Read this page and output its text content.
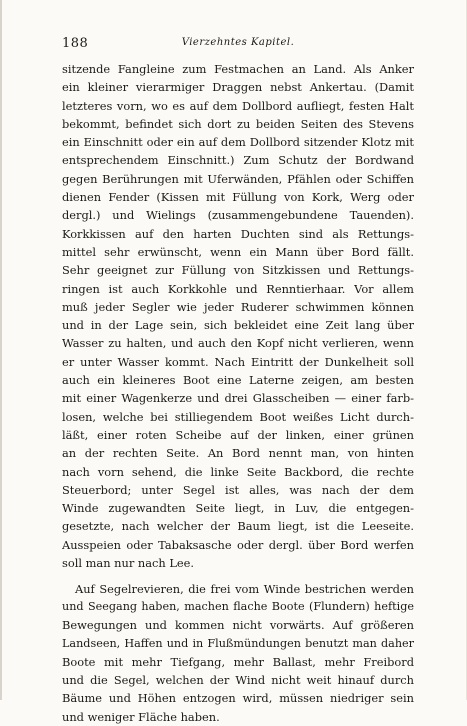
188	Vierzehntes Kapitel.
sitzende Fangleine zum Festmachen an Land. Als Anker
ein kleiner vierarmiger Draggen nebst Ankertau. (Damit
letzteres vorn, wo es auf dem Dollbord aufliegt, festen Halt
bekommt, befindet sich dort zu beiden Seiten des Stevens
ein Einschnitt oder ein auf dem Dollbord sitzender Klotz mit
entsprechendem Einschnitt.) Zum Schutz der Bordwand
gegen Berührungen mit Uferwänden, Pfählen oder Schiffen
dienen Fender (Kissen mit Füllung von Kork, Werg oder
dergl.) und Wielings (zusammengebundene Tauenden).
Korkkissen auf den harten Duchten sind als Rettungs-
mittel sehr erwünscht, wenn ein Mann über Bord fällt.
Sehr geeignet zur Füllung von Sitzkissen und Rettungs-
ringen ist auch Korkkohle und Renntierhaar. Vor allem
muß jeder Segler wie jeder Ruderer schwimmen können
und in der Lage sein, sich bekleidet eine Zeit lang über
Wasser zu halten, und auch den Kopf nicht verlieren, wenn
er unter Wasser kommt. Nach Eintritt der Dunkelheit soll
auch ein kleineres Boot eine Laterne zeigen, am besten
mit einer Wagenkerze und drei Glasscheiben — einer farb-
losen, welche bei stilliegendem Boot weißes Licht durch-
läßt, einer roten Scheibe auf der linken, einer grünen
an der rechten Seite. An Bord nennt man, von hinten
nach vorn sehend, die linke Seite Backbord, die rechte
Steuerbord; unter Segel ist alles, was nach der dem
Winde zugewandten Seite liegt, in Luv, die entgegen-
gesetzte, nach welcher der Baum liegt, ist die Leeseite.
Ausspeien oder Tabaksasche oder dergl. über Bord werfen
soll man nur nach Lee.
Auf Segelrevieren, die frei vom Winde bestrichen werden
und Seegang haben, machen flache Boote (Flundern) heftige
Bewegungen und kommen nicht vorwärts. Auf größeren
Landseen, Haffen und in Flußmündungen benutzt man daher
Boote mit mehr Tiefgang, mehr Ballast, mehr Freibord
und die Segel, welchen der Wind nicht weit hinauf durch
Bäume und Höhen entzogen wird, müssen niedriger sein
und weniger Fläche haben.
